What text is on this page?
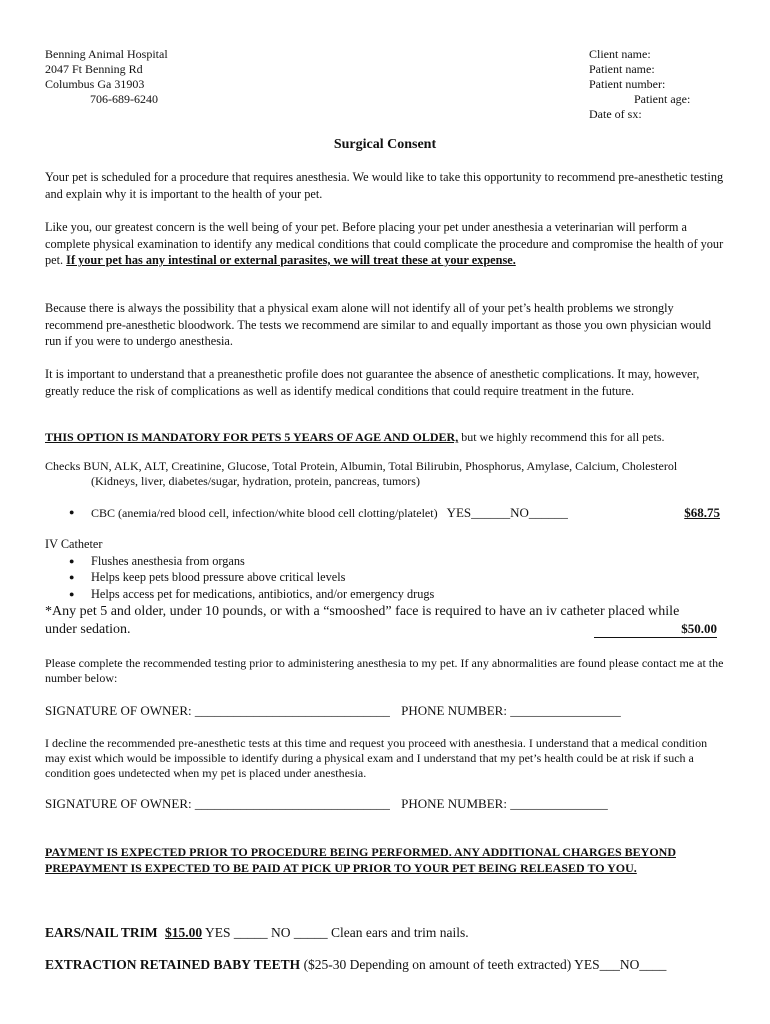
Benning Animal Hospital
2047 Ft Benning Rd
Columbus Ga 31903
706-689-6240
Client name:
Patient name:
Patient number:
Patient age:
Date of sx:
Surgical Consent
Your pet is scheduled for a procedure that requires anesthesia. We would like to take this opportunity to recommend pre-anesthetic testing and explain why it is important to the health of your pet.
Like you, our greatest concern is the well being of your pet. Before placing your pet under anesthesia a veterinarian will perform a complete physical examination to identify any medical conditions that could complicate the procedure and compromise the health of your pet. If your pet has any intestinal or external parasites, we will treat these at your expense.
Because there is always the possibility that a physical exam alone will not identify all of your pet’s health problems we strongly recommend pre-anesthetic bloodwork. The tests we recommend are similar to and equally important as those you own physician would run if you were to undergo anesthesia.
It is important to understand that a preanesthetic profile does not guarantee the absence of anesthetic complications. It may, however, greatly reduce the risk of complications as well as identify medical conditions that could require treatment in the future.
THIS OPTION IS MANDATORY FOR PETS 5 YEARS OF AGE AND OLDER, but we highly recommend this for all pets.
Checks BUN, ALK, ALT, Creatinine, Glucose, Total Protein, Albumin, Total Bilirubin, Phosphorus, Amylase, Calcium, Cholesterol
(Kidneys, liver, diabetes/sugar, hydration, protein, pancreas, tumors)
● CBC (anemia/red blood cell, infection/white blood cell clotting/platelet) YES______NO______	$68.75
IV Catheter
● Flushes anesthesia from organs
● Helps keep pets blood pressure above critical levels
● Helps access pet for medications, antibiotics, and/or emergency drugs
*Any pet 5 and older, under 10 pounds, or with a “smooshed” face is required to have an iv catheter placed while under sedation.	$50.00
Please complete the recommended testing prior to administering anesthesia to my pet. If any abnormalities are found please contact me at the number below:
SIGNATURE OF OWNER: ______________________________ PHONE NUMBER: _________________
I decline the recommended pre-anesthetic tests at this time and request you proceed with anesthesia. I understand that a medical condition may exist which would be impossible to identify during a physical exam and I understand that my pet’s health could be at risk if such a condition goes undetected when my pet is placed under anesthesia.
SIGNATURE OF OWNER: ______________________________ PHONE NUMBER: _______________
PAYMENT IS EXPECTED PRIOR TO PROCEDURE BEING PERFORMED. ANY ADDITIONAL CHARGES BEYOND PREPAYMENT IS EXPECTED TO BE PAID AT PICK UP PRIOR TO YOUR PET BEING RELEASED TO YOU.
EARS/NAIL TRIM $15.00 YES _____ NO _____ Clean ears and trim nails.
EXTRACTION RETAINED BABY TEETH ($25-30 Depending on amount of teeth extracted) YES___NO____
